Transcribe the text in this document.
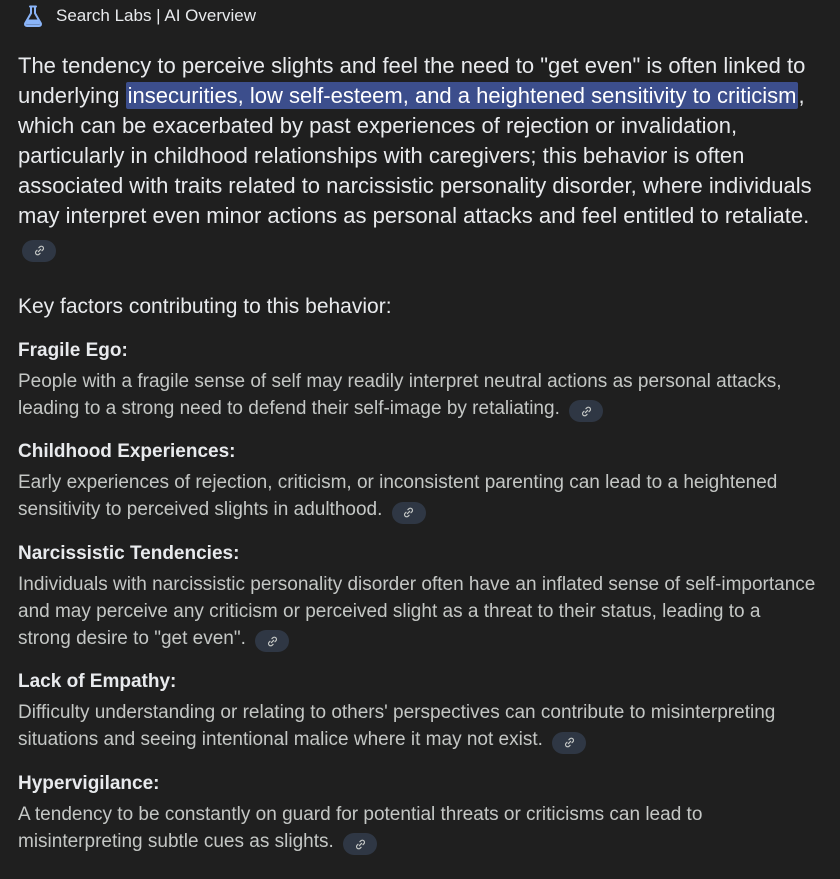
Search Labs | AI Overview

The tendency to perceive slights and feel the need to "get even" is often linked to underlying insecurities, low self-esteem, and a heightened sensitivity to criticism, which can be exacerbated by past experiences of rejection or invalidation, particularly in childhood relationships with caregivers; this behavior is often associated with traits related to narcissistic personality disorder, where individuals may interpret even minor actions as personal attacks and feel entitled to retaliate.

Key factors contributing to this behavior:
Fragile Ego:
People with a fragile sense of self may readily interpret neutral actions as personal attacks, leading to a strong need to defend their self-image by retaliating.
Childhood Experiences:
Early experiences of rejection, criticism, or inconsistent parenting can lead to a heightened sensitivity to perceived slights in adulthood.
Narcissistic Tendencies:
Individuals with narcissistic personality disorder often have an inflated sense of self-importance and may perceive any criticism or perceived slight as a threat to their status, leading to a strong desire to "get even".
Lack of Empathy:
Difficulty understanding or relating to others' perspectives can contribute to misinterpreting situations and seeing intentional malice where it may not exist.
Hypervigilance:
A tendency to be constantly on guard for potential threats or criticisms can lead to misinterpreting subtle cues as slights.
